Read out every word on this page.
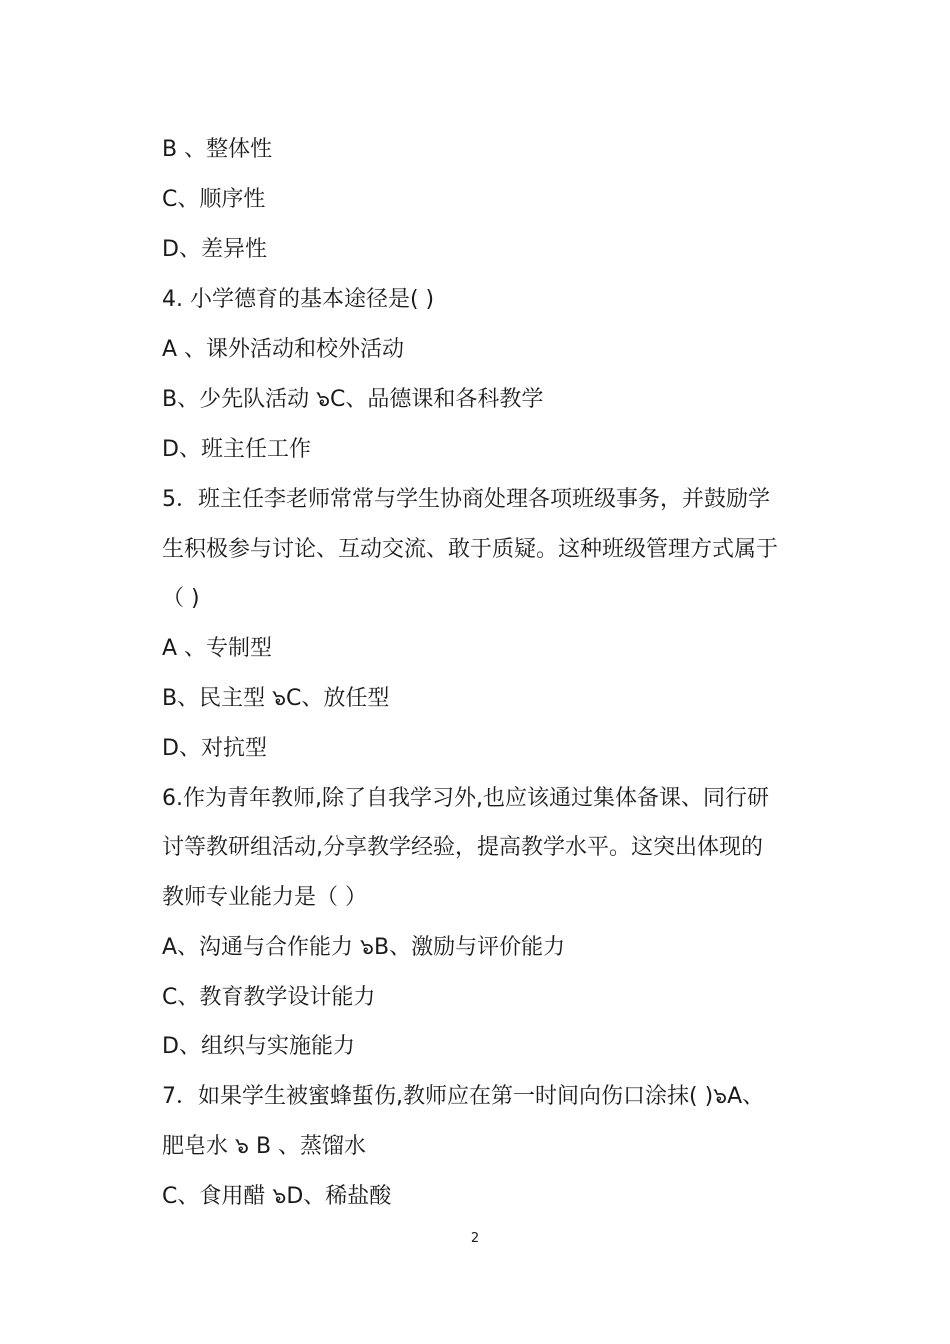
B 、整体性
C、顺序性
D、差异性
4. 小学德育的基本途径是( )
A 、课外活动和校外活动
B、少先队活动 ๖C、品德课和各科教学
D、班主任工作
5．班主任李老师常常与学生协商处理各项班级事务，并鼓励学
生积极参与讨论、互动交流、敢于质疑。这种班级管理方式属于
（ )
A 、专制型
B、民主型 ๖C、放任型
D、对抗型
6.作为青年教师,除了自我学习外,也应该通过集体备课、同行研
讨等教研组活动,分享教学经验，提高教学水平。这突出体现的
教师专业能力是（ ）
A、沟通与合作能力 ๖B、激励与评价能力
C、教育教学设计能力
D、组织与实施能力
7．如果学生被蜜蜂蜇伤,教师应在第一时间向伤口涂抹( )๖A、
肥皂水 ๖ B 、蒸馏水
C、食用醋 ๖D、稀盐酸
2
